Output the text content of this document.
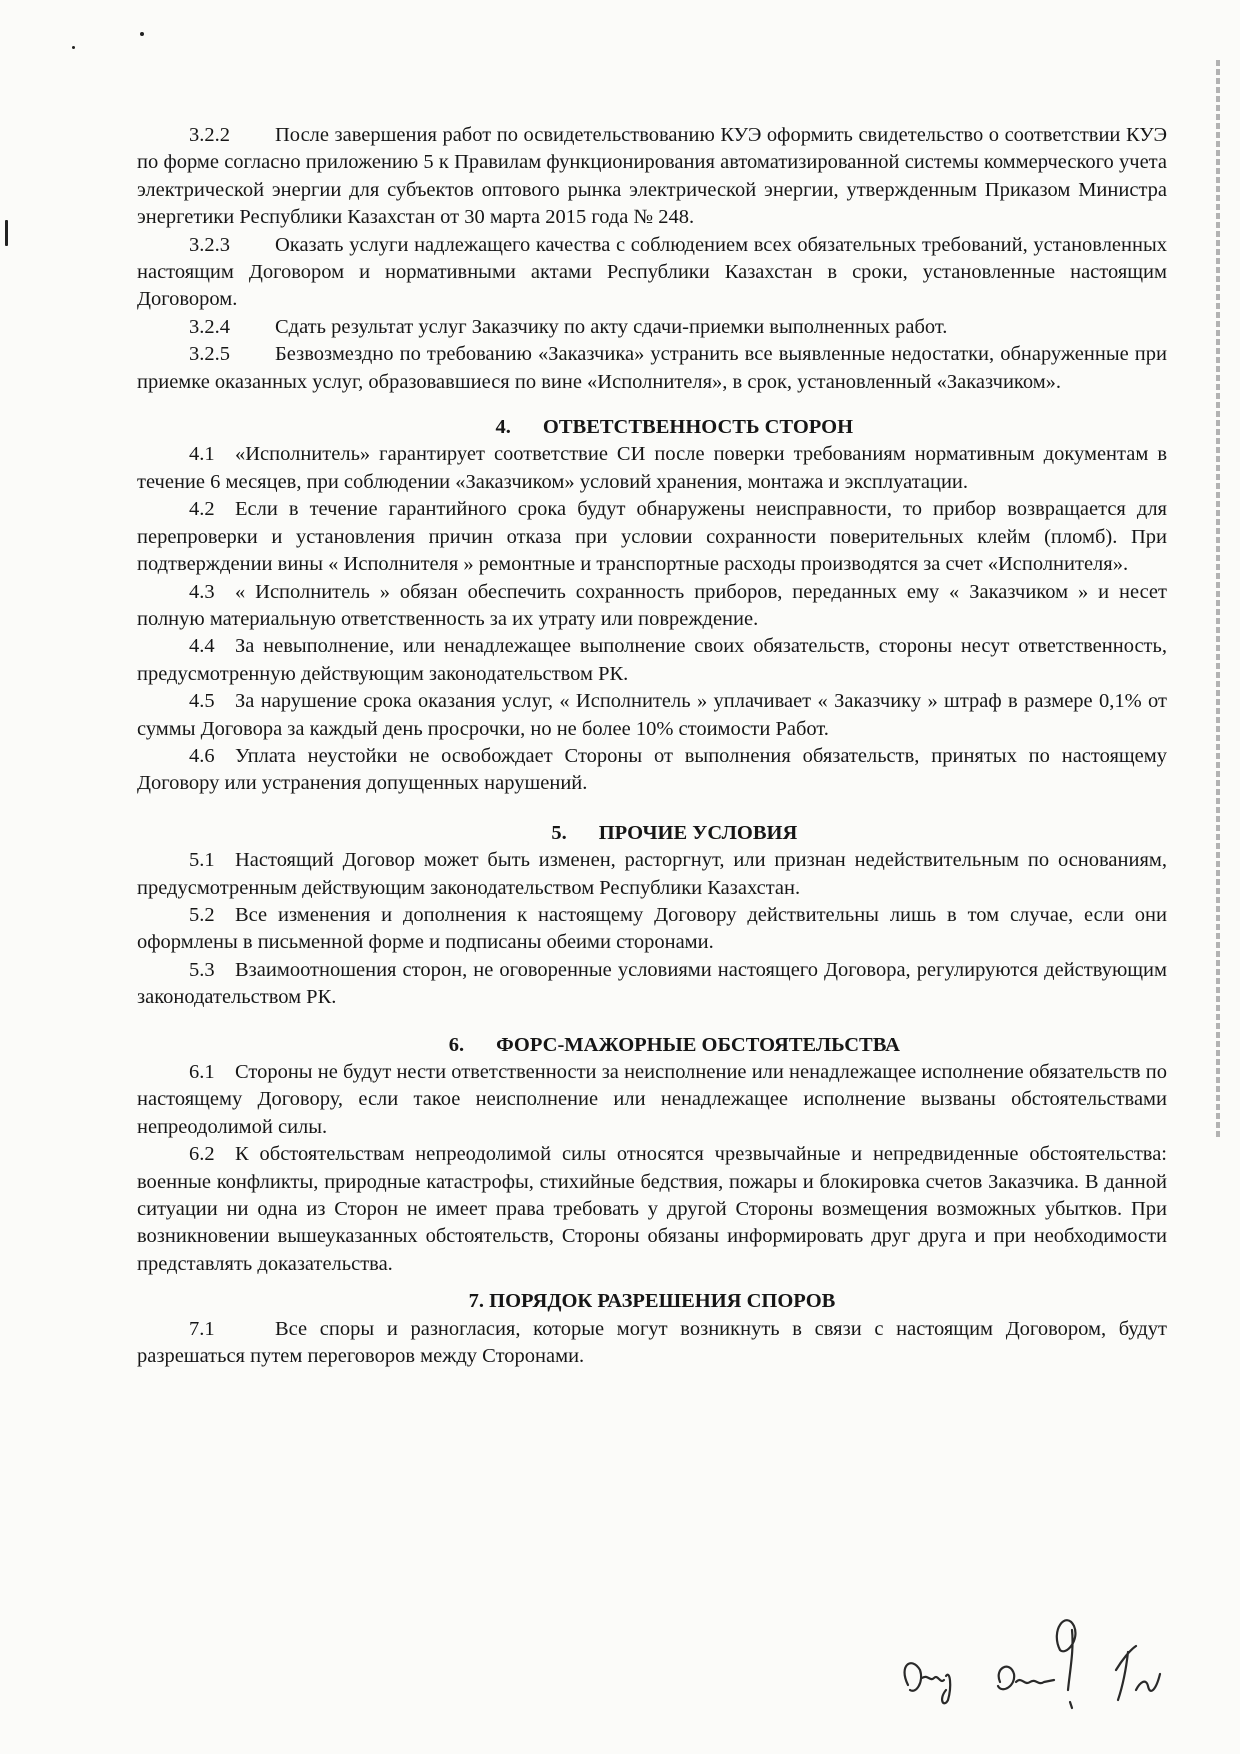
3.2.2 После завершения работ по освидетельствованию КУЭ оформить свидетельство о соответствии КУЭ по форме согласно приложению 5 к Правилам функционирования автоматизированной системы коммерческого учета электрической энергии для субъектов оптового рынка электрической энергии, утвержденным Приказом Министра энергетики Республики Казахстан от 30 марта 2015 года № 248.

3.2.3 Оказать услуги надлежащего качества с соблюдением всех обязательных требований, установленных настоящим Договором и нормативными актами Республики Казахстан в сроки, установленные настоящим Договором.

3.2.4 Сдать результат услуг Заказчику по акту сдачи-приемки выполненных работ.

3.2.5 Безвозмездно по требованию «Заказчика» устранить все выявленные недостатки, обнаруженные при приемке оказанных услуг, образовавшиеся по вине «Исполнителя», в срок, установленный «Заказчиком».

4. ОТВЕТСТВЕННОСТЬ СТОРОН

4.1 «Исполнитель» гарантирует соответствие СИ после поверки требованиям нормативным документам в течение 6 месяцев, при соблюдении «Заказчиком» условий хранения, монтажа и эксплуатации.

4.2 Если в течение гарантийного срока будут обнаружены неисправности, то прибор возвращается для перепроверки и установления причин отказа при условии сохранности поверительных клейм (пломб). При подтверждении вины « Исполнителя » ремонтные и транспортные расходы производятся за счет «Исполнителя».

4.3 « Исполнитель » обязан обеспечить сохранность приборов, переданных ему « Заказчиком » и несет полную материальную ответственность за их утрату или повреждение.

4.4 За невыполнение, или ненадлежащее выполнение своих обязательств, стороны несут ответственность, предусмотренную действующим законодательством РК.

4.5 За нарушение срока оказания услуг, « Исполнитель » уплачивает « Заказчику » штраф в размере 0,1% от суммы Договора за каждый день просрочки, но не более 10% стоимости Работ.

4.6 Уплата неустойки не освобождает Стороны от выполнения обязательств, принятых по настоящему Договору или устранения допущенных нарушений.

5. ПРОЧИЕ УСЛОВИЯ

5.1 Настоящий Договор может быть изменен, расторгнут, или признан недействительным по основаниям, предусмотренным действующим законодательством Республики Казахстан.

5.2 Все изменения и дополнения к настоящему Договору действительны лишь в том случае, если они оформлены в письменной форме и подписаны обеими сторонами.

5.3 Взаимоотношения сторон, не оговоренные условиями настоящего Договора, регулируются действующим законодательством РК.

6. ФОРС-МАЖОРНЫЕ ОБСТОЯТЕЛЬСТВА

6.1 Стороны не будут нести ответственности за неисполнение или ненадлежащее исполнение обязательств по настоящему Договору, если такое неисполнение или ненадлежащее исполнение вызваны обстоятельствами непреодолимой силы.

6.2 К обстоятельствам непреодолимой силы относятся чрезвычайные и непредвиденные обстоятельства: военные конфликты, природные катастрофы, стихийные бедствия, пожары и блокировка счетов Заказчика. В данной ситуации ни одна из Сторон не имеет права требовать у другой Стороны возмещения возможных убытков. При возникновении вышеуказанных обстоятельств, Стороны обязаны информировать друг друга и при необходимости представлять доказательства.

7. ПОРЯДОК РАЗРЕШЕНИЯ СПОРОВ

7.1	Все споры и разногласия, которые могут возникнуть в связи с настоящим Договором, будут разрешаться путем переговоров между Сторонами.
